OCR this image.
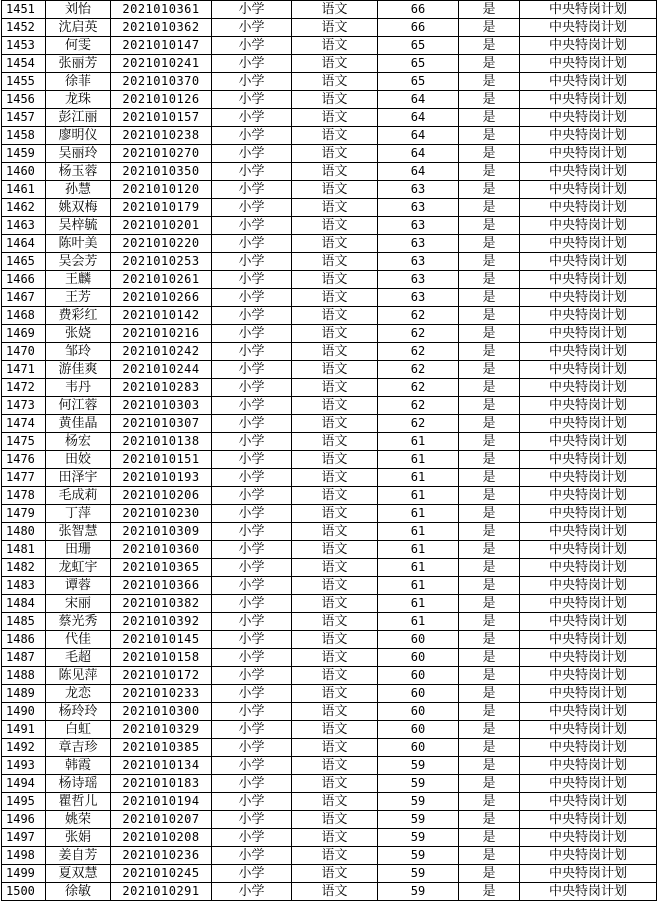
1451	刘怡	2021010361	小学	语文	66	是	中央特岗计划
1452	沈启英	2021010362	小学	语文	66	是	中央特岗计划
1453	何雯	2021010147	小学	语文	65	是	中央特岗计划
1454	张丽芳	2021010241	小学	语文	65	是	中央特岗计划
1455	徐菲	2021010370	小学	语文	65	是	中央特岗计划
1456	龙珠	2021010126	小学	语文	64	是	中央特岗计划
1457	彭江丽	2021010157	小学	语文	64	是	中央特岗计划
1458	廖明仪	2021010238	小学	语文	64	是	中央特岗计划
1459	吴丽玲	2021010270	小学	语文	64	是	中央特岗计划
1460	杨玉蓉	2021010350	小学	语文	64	是	中央特岗计划
1461	孙慧	2021010120	小学	语文	63	是	中央特岗计划
1462	姚双梅	2021010179	小学	语文	63	是	中央特岗计划
1463	吴梓毓	2021010201	小学	语文	63	是	中央特岗计划
1464	陈叶美	2021010220	小学	语文	63	是	中央特岗计划
1465	吴会芳	2021010253	小学	语文	63	是	中央特岗计划
1466	王麟	2021010261	小学	语文	63	是	中央特岗计划
1467	王芳	2021010266	小学	语文	63	是	中央特岗计划
1468	费彩红	2021010142	小学	语文	62	是	中央特岗计划
1469	张娆	2021010216	小学	语文	62	是	中央特岗计划
1470	邹玲	2021010242	小学	语文	62	是	中央特岗计划
1471	游佳爽	2021010244	小学	语文	62	是	中央特岗计划
1472	韦丹	2021010283	小学	语文	62	是	中央特岗计划
1473	何江蓉	2021010303	小学	语文	62	是	中央特岗计划
1474	黄佳晶	2021010307	小学	语文	62	是	中央特岗计划
1475	杨宏	2021010138	小学	语文	61	是	中央特岗计划
1476	田姣	2021010151	小学	语文	61	是	中央特岗计划
1477	田泽宇	2021010193	小学	语文	61	是	中央特岗计划
1478	毛成莉	2021010206	小学	语文	61	是	中央特岗计划
1479	丁萍	2021010230	小学	语文	61	是	中央特岗计划
1480	张智慧	2021010309	小学	语文	61	是	中央特岗计划
1481	田珊	2021010360	小学	语文	61	是	中央特岗计划
1482	龙虹宇	2021010365	小学	语文	61	是	中央特岗计划
1483	谭蓉	2021010366	小学	语文	61	是	中央特岗计划
1484	宋丽	2021010382	小学	语文	61	是	中央特岗计划
1485	蔡光秀	2021010392	小学	语文	61	是	中央特岗计划
1486	代佳	2021010145	小学	语文	60	是	中央特岗计划
1487	毛超	2021010158	小学	语文	60	是	中央特岗计划
1488	陈见萍	2021010172	小学	语文	60	是	中央特岗计划
1489	龙恋	2021010233	小学	语文	60	是	中央特岗计划
1490	杨玲玲	2021010300	小学	语文	60	是	中央特岗计划
1491	白虹	2021010329	小学	语文	60	是	中央特岗计划
1492	章吉珍	2021010385	小学	语文	60	是	中央特岗计划
1493	韩霞	2021010134	小学	语文	59	是	中央特岗计划
1494	杨诗瑶	2021010183	小学	语文	59	是	中央特岗计划
1495	瞿哲儿	2021010194	小学	语文	59	是	中央特岗计划
1496	姚荣	2021010207	小学	语文	59	是	中央特岗计划
1497	张娟	2021010208	小学	语文	59	是	中央特岗计划
1498	姜自芳	2021010236	小学	语文	59	是	中央特岗计划
1499	夏双慧	2021010245	小学	语文	59	是	中央特岗计划
1500	徐敏	2021010291	小学	语文	59	是	中央特岗计划
